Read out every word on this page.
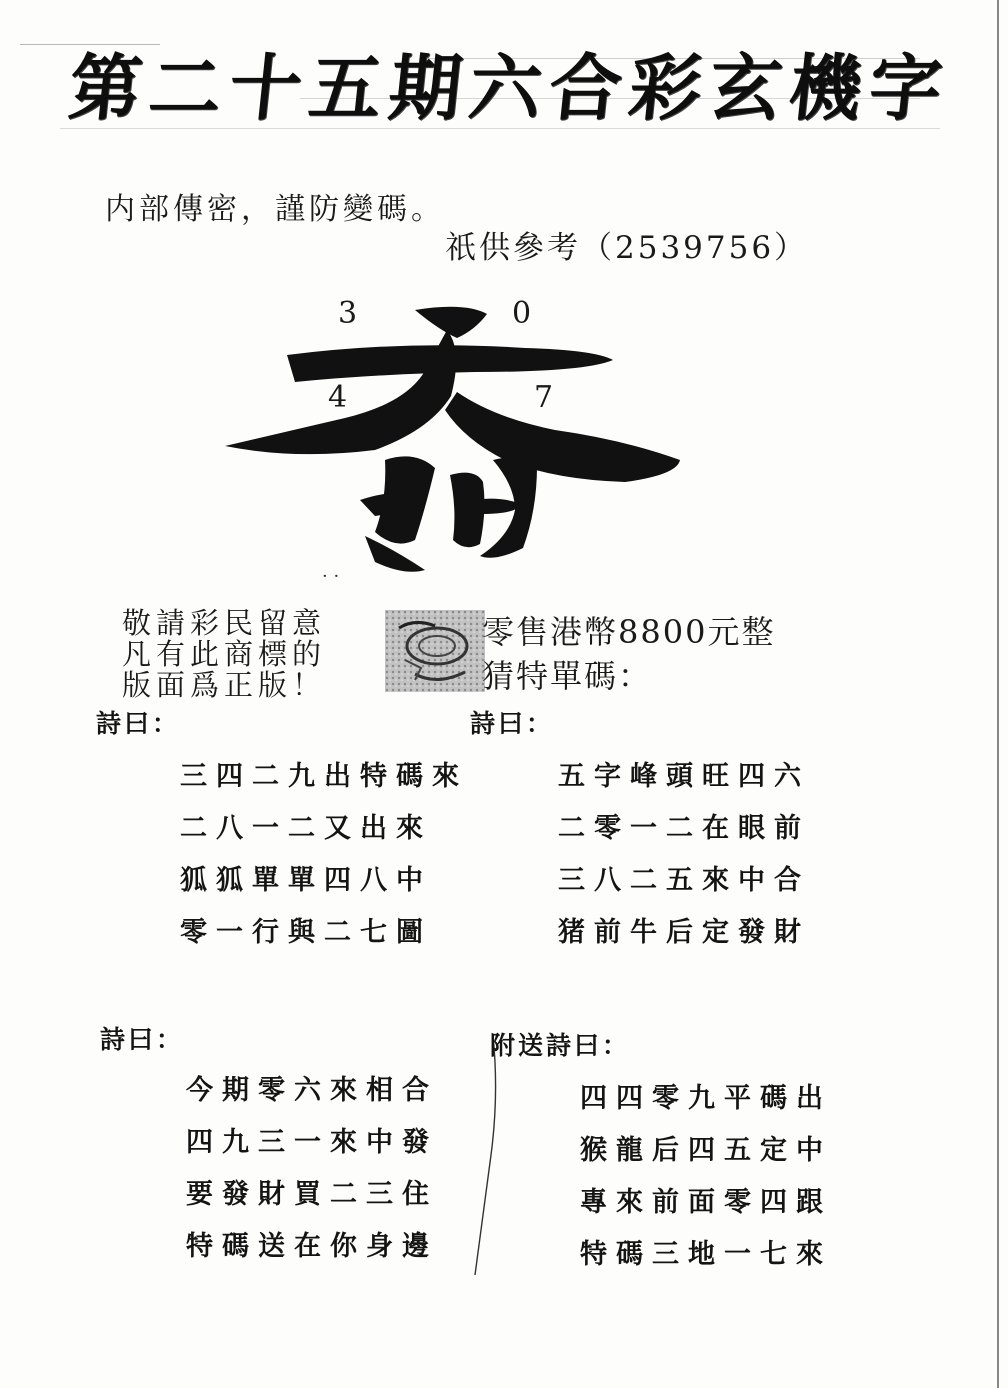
第二十五期六合彩玄機字
内部傳密，謹防變碼。
祇供參考（2539756）
3	0
4	7
· ·
敬請彩民留意
凡有此商標的
版面爲正版！
零售港幣8800元整
猜特單碼：
詩曰：
三四二九出特碼來
二八一二又出來
狐狐單單四八中
零一行與二七圖
詩曰：
五字峰頭旺四六
二零一二在眼前
三八二五來中合
猪前牛后定發財
詩曰：
今期零六來相合
四九三一來中發
要發財買二三住
特碼送在你身邊
附送詩曰：
四四零九平碼出
猴龍后四五定中
專來前面零四跟
特碼三地一七來
